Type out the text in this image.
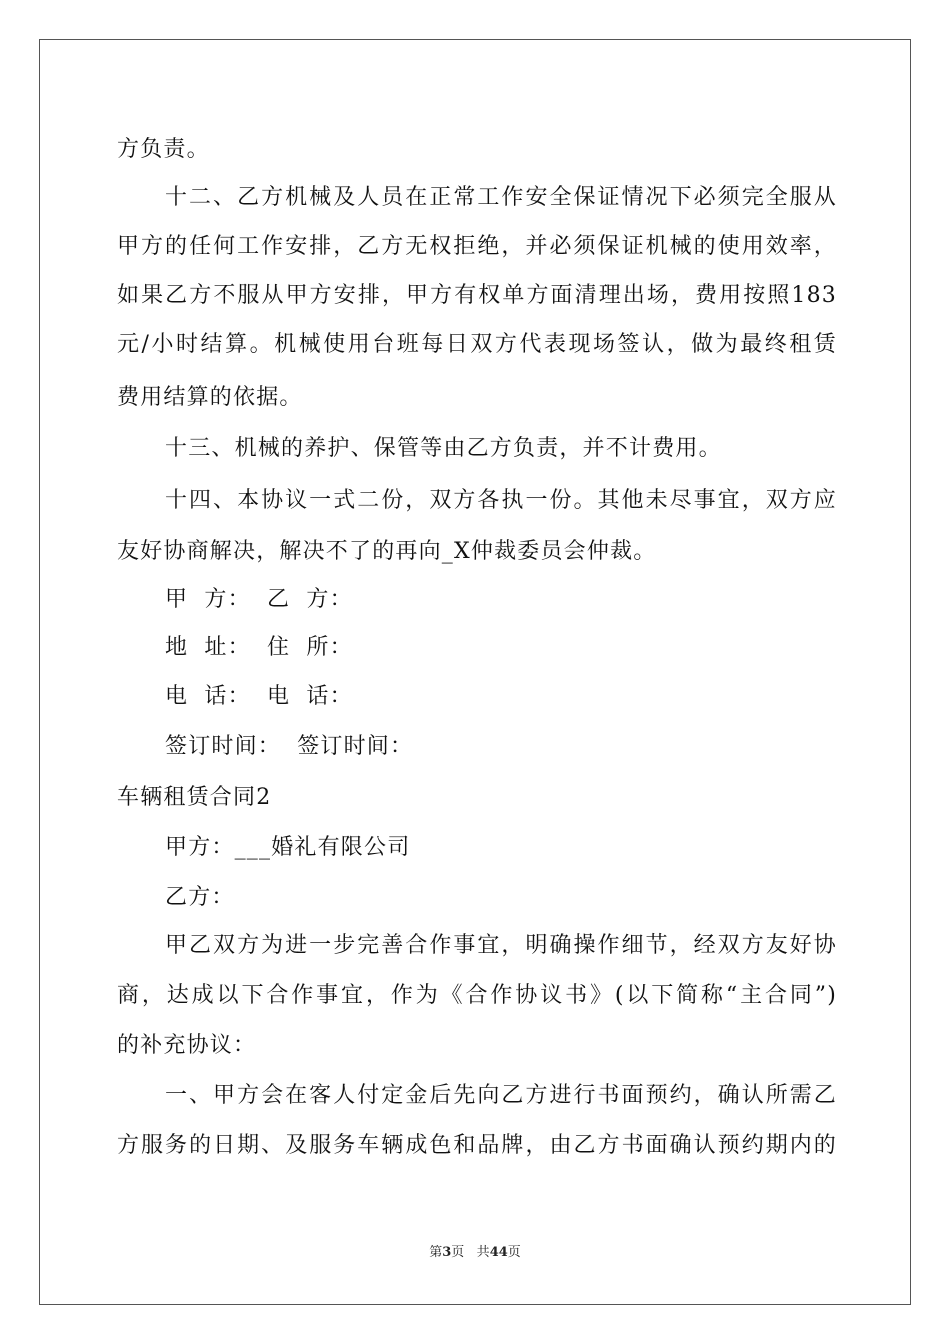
方负责。
十二、乙方机械及人员在正常工作安全保证情况下必须完全服从
甲方的任何工作安排，乙方无权拒绝，并必须保证机械的使用效率，
如果乙方不服从甲方安排，甲方有权单方面清理出场，费用按照183
元/小时结算。机械使用台班每日双方代表现场签认，做为最终租赁
费用结算的依据。
十三、机械的养护、保管等由乙方负责，并不计费用。
十四、本协议一式二份，双方各执一份。其他未尽事宜，双方应
友好协商解决，解决不了的再向_X仲裁委员会仲裁。
甲 方： 乙 方：
地 址： 住 所：
电 话： 电 话：
签订时间： 签订时间：
车辆租赁合同2
甲方：___婚礼有限公司
乙方：
甲乙双方为进一步完善合作事宜，明确操作细节，经双方友好协
商，达成以下合作事宜，作为《合作协议书》(以下简称“主合同”)
的补充协议：
一、甲方会在客人付定金后先向乙方进行书面预约，确认所需乙
方服务的日期、及服务车辆成色和品牌，由乙方书面确认预约期内的
第3页 共44页
